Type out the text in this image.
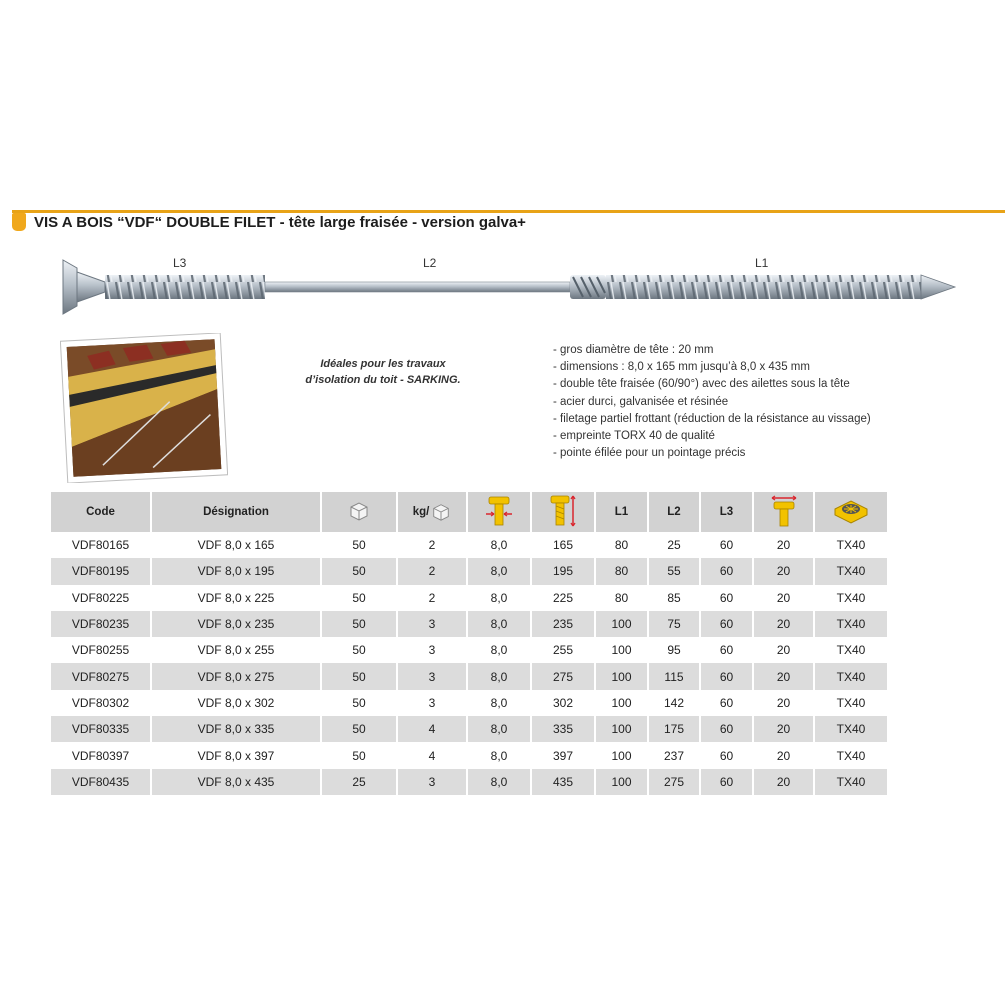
VIS A BOIS “VDF“ DOUBLE FILET - tête large fraisée - version galva+
L3	L2	L1
Idéales pour les travaux
d’isolation du toit - SARKING.
- gros diamètre de tête : 20 mm
- dimensions : 8,0 x 165 mm jusqu’à 8,0 x 435 mm
- double tête fraisée (60/90°) avec des ailettes sous la tête
- acier durci, galvanisée et résinée
- filetage partiel frottant (réduction de la résistance au vissage)
- empreinte TORX 40 de qualité
- pointe éfilée pour un pointage précis
Code	Désignation		kg/			L1	L2	L3		
VDF80165	VDF 8,0 x 165	50	2	8,0	165	80	25	60	20	TX40
VDF80195	VDF 8,0 x 195	50	2	8,0	195	80	55	60	20	TX40
VDF80225	VDF 8,0 x 225	50	2	8,0	225	80	85	60	20	TX40
VDF80235	VDF 8,0 x 235	50	3	8,0	235	100	75	60	20	TX40
VDF80255	VDF 8,0 x 255	50	3	8,0	255	100	95	60	20	TX40
VDF80275	VDF 8,0 x 275	50	3	8,0	275	100	115	60	20	TX40
VDF80302	VDF 8,0 x 302	50	3	8,0	302	100	142	60	20	TX40
VDF80335	VDF 8,0 x 335	50	4	8,0	335	100	175	60	20	TX40
VDF80397	VDF 8,0 x 397	50	4	8,0	397	100	237	60	20	TX40
VDF80435	VDF 8,0 x 435	25	3	8,0	435	100	275	60	20	TX40
